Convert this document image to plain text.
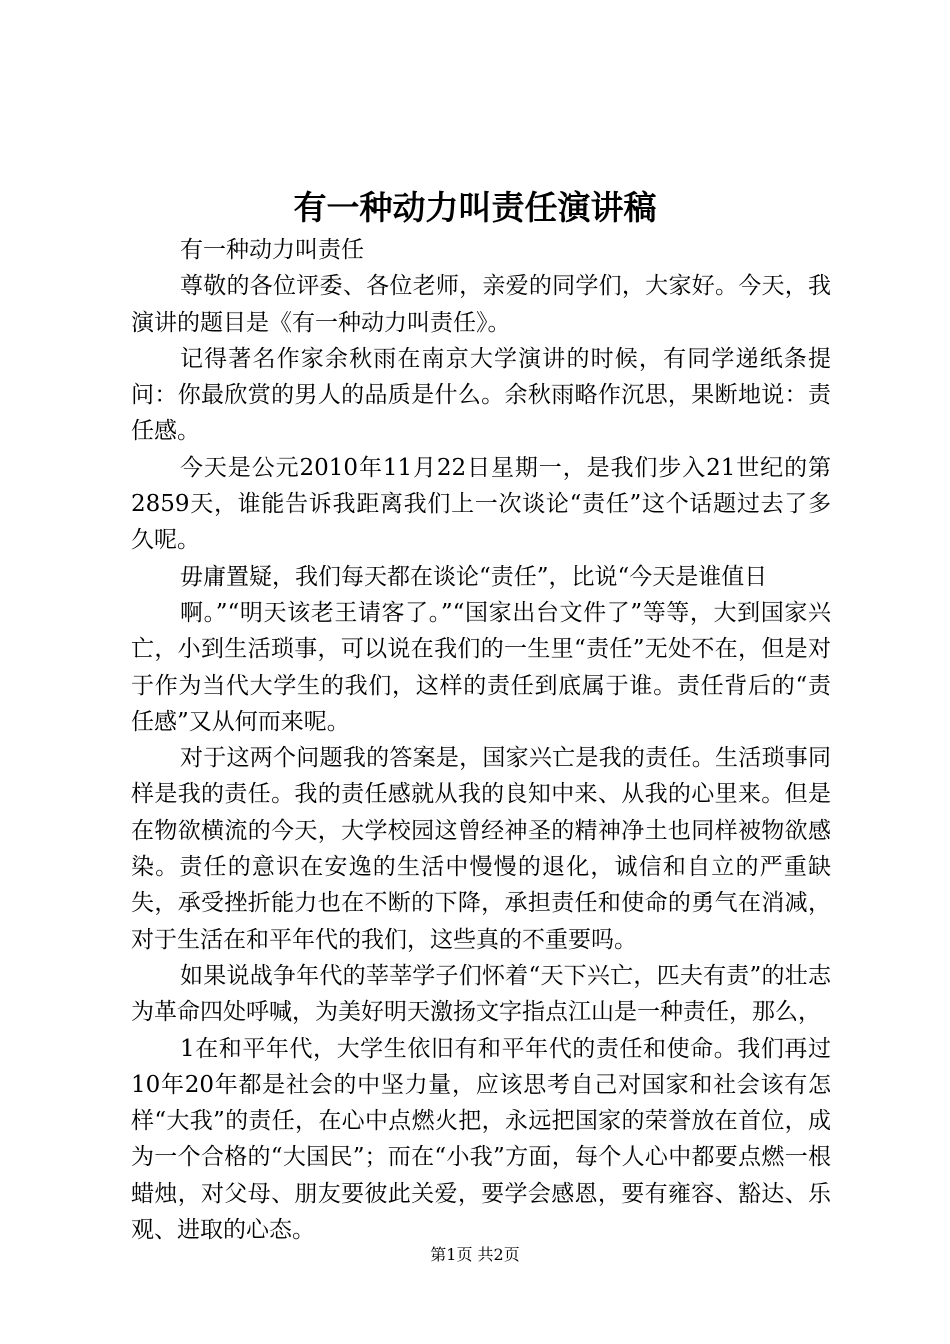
有一种动力叫责任演讲稿

有一种动力叫责任

尊敬的各位评委、各位老师，亲爱的同学们，大家好。今天，我演讲的题目是《有一种动力叫责任》。

记得著名作家余秋雨在南京大学演讲的时候，有同学递纸条提问：你最欣赏的男人的品质是什么。余秋雨略作沉思，果断地说：责任感。

今天是公元2010年11月22日星期一，是我们步入21世纪的第2859天，谁能告诉我距离我们上一次谈论“责任”这个话题过去了多久呢。

毋庸置疑，我们每天都在谈论“责任”，比说“今天是谁值日

啊。”“明天该老王请客了。”“国家出台文件了”等等，大到国家兴亡，小到生活琐事，可以说在我们的一生里“责任”无处不在，但是对于作为当代大学生的我们，这样的责任到底属于谁。责任背后的“责任感”又从何而来呢。

对于这两个问题我的答案是，国家兴亡是我的责任。生活琐事同样是我的责任。我的责任感就从我的良知中来、从我的心里来。但是在物欲横流的今天，大学校园这曾经神圣的精神净土也同样被物欲感染。责任的意识在安逸的生活中慢慢的退化，诚信和自立的严重缺失，承受挫折能力也在不断的下降，承担责任和使命的勇气在消减，对于生活在和平年代的我们，这些真的不重要吗。

如果说战争年代的莘莘学子们怀着“天下兴亡，匹夫有责”的壮志为革命四处呼喊，为美好明天激扬文字指点江山是一种责任，那么，

1在和平年代，大学生依旧有和平年代的责任和使命。我们再过10年20年都是社会的中坚力量，应该思考自己对国家和社会该有怎样“大我”的责任，在心中点燃火把，永远把国家的荣誉放在首位，成为一个合格的“大国民”；而在“小我”方面，每个人心中都要点燃一根蜡烛，对父母、朋友要彼此关爱，要学会感恩，要有雍容、豁达、乐观、进取的心态。

第1页 共2页
